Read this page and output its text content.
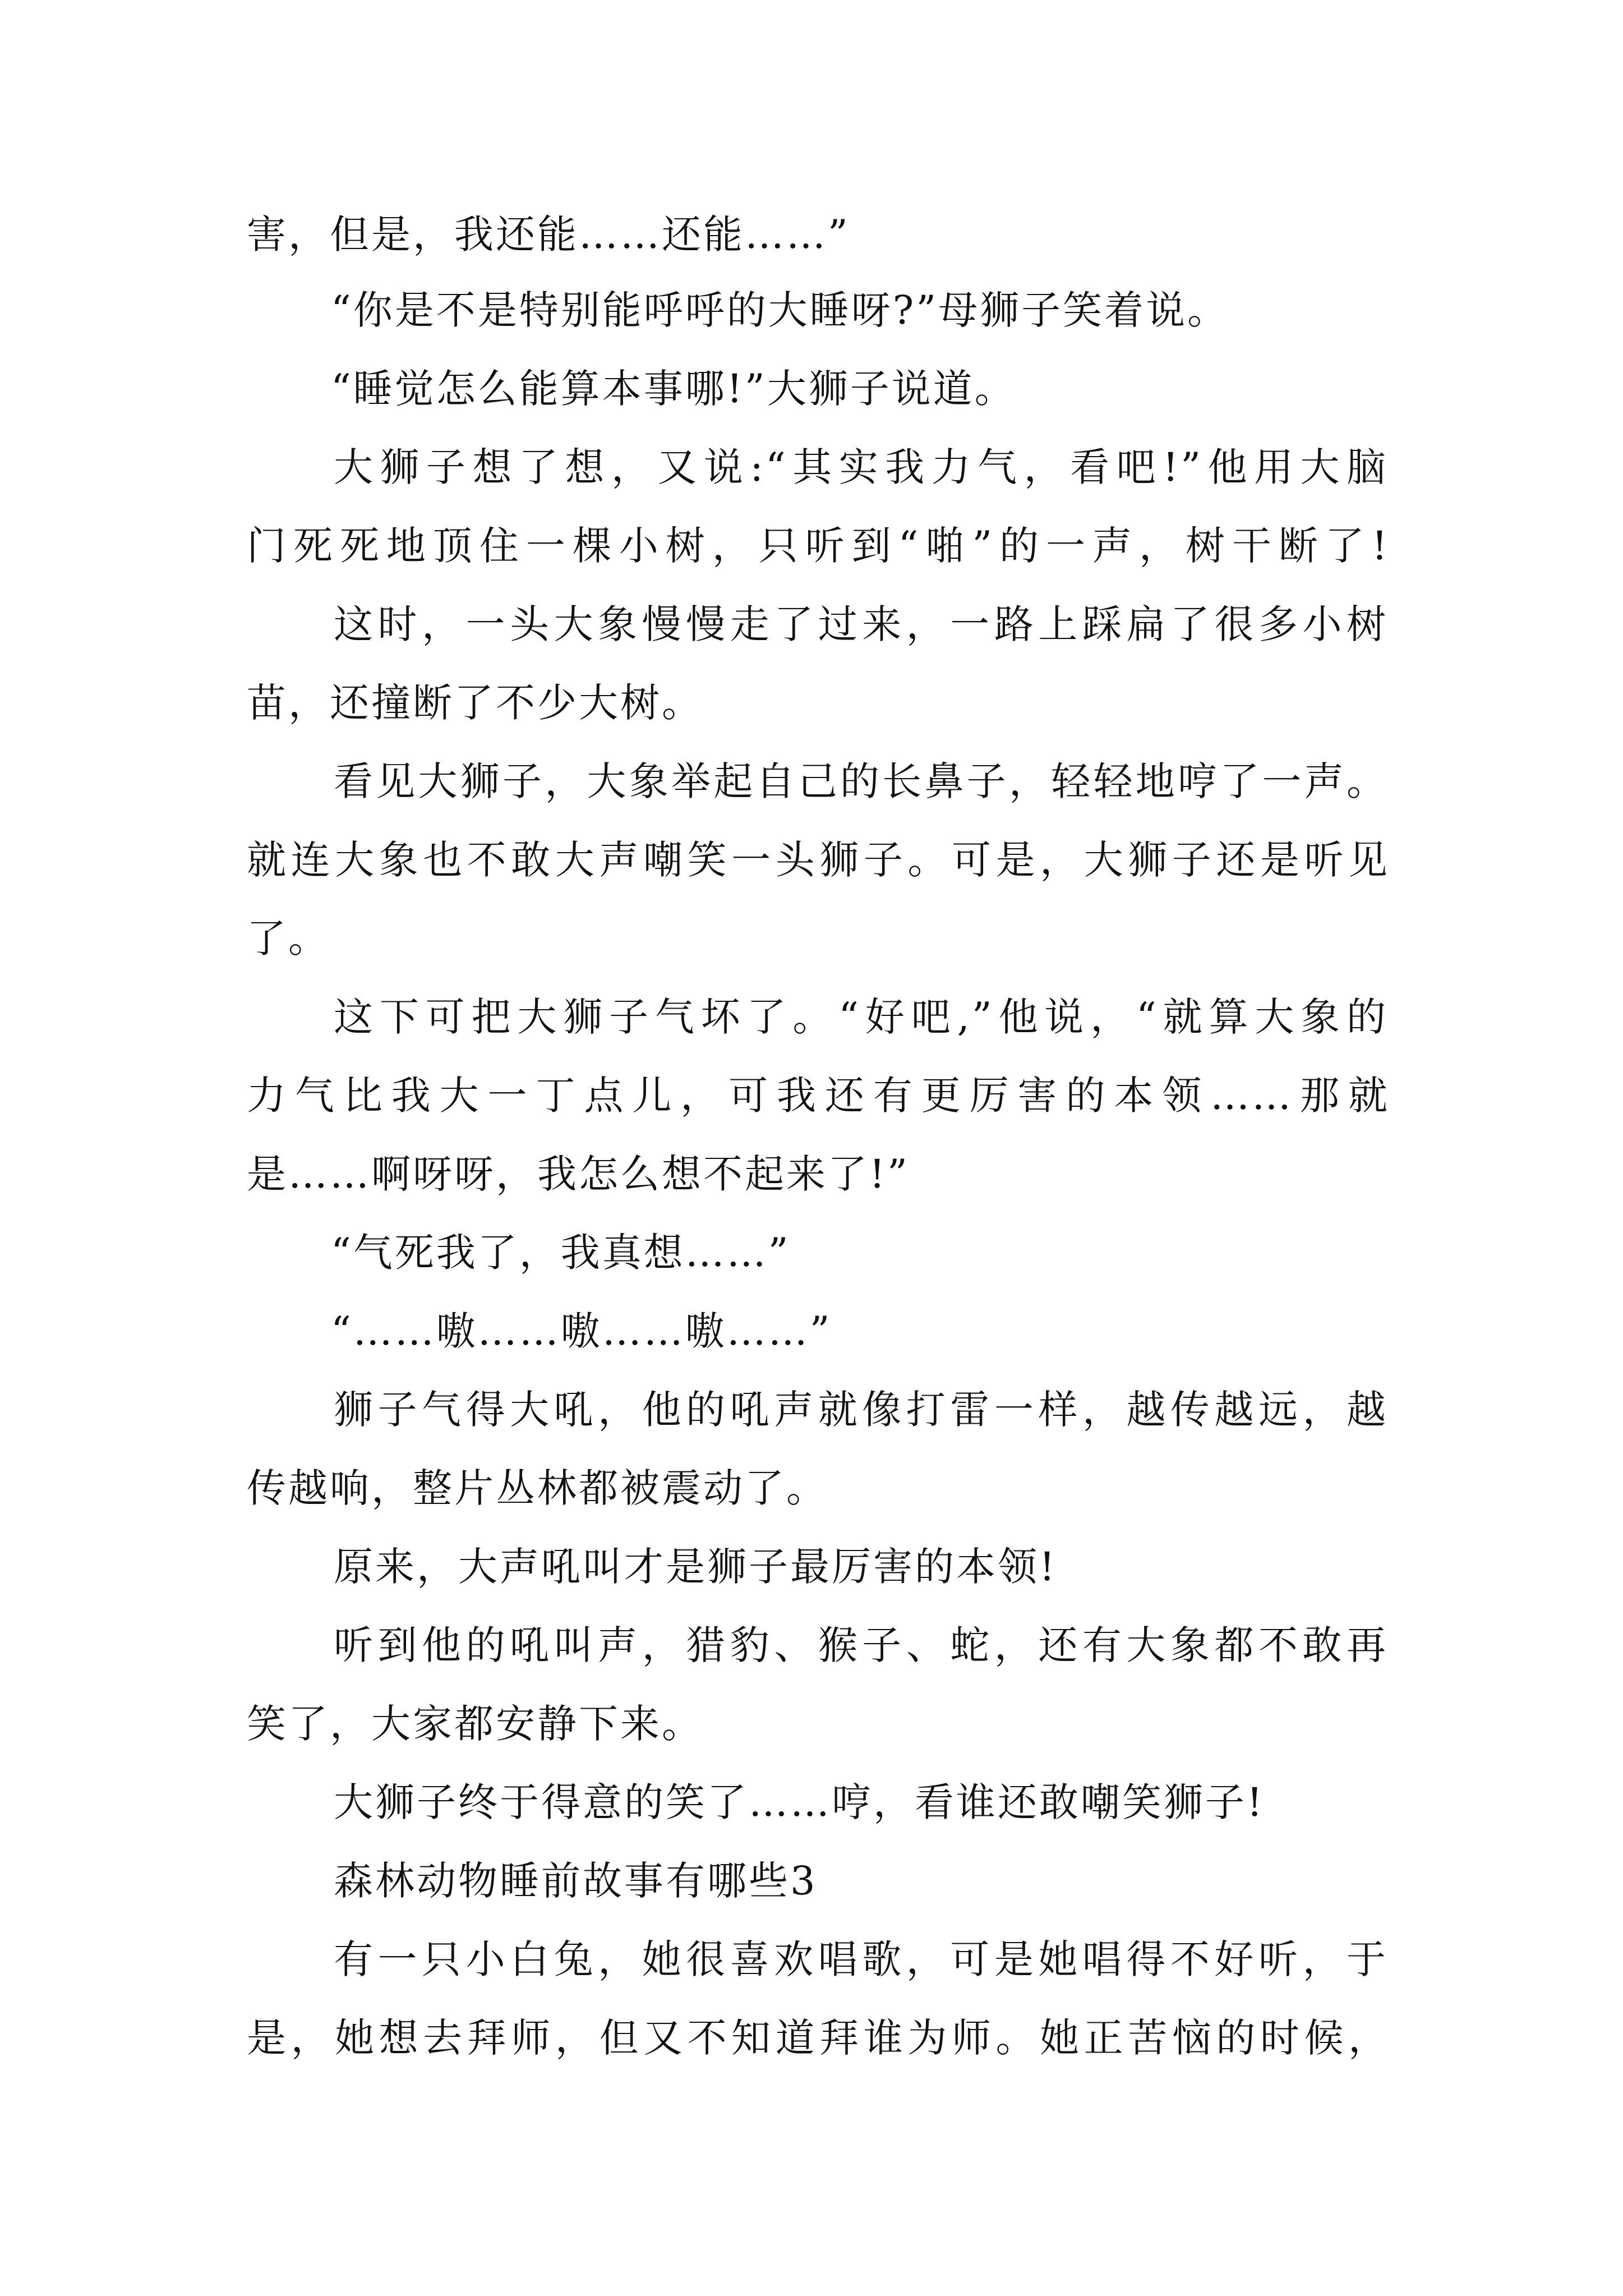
害，但是，我还能……还能……”

“你是不是特别能呼呼的大睡呀?”母狮子笑着说。

“睡觉怎么能算本事哪!”大狮子说道。

大狮子想了想，又说:“其实我力气，看吧!”他用大脑

门死死地顶住一棵小树，只听到“啪”的一声，树干断了!

这时，一头大象慢慢走了过来，一路上踩扁了很多小树

苗，还撞断了不少大树。

看见大狮子，大象举起自己的长鼻子，轻轻地哼了一声。

就连大象也不敢大声嘲笑一头狮子。可是，大狮子还是听见

了。

这下可把大狮子气坏了。“好吧,”他说，“就算大象的

力气比我大一丁点儿，可我还有更厉害的本领……那就

是……啊呀呀，我怎么想不起来了!”

“气死我了，我真想……”

“……嗷……嗷……嗷……”

狮子气得大吼，他的吼声就像打雷一样，越传越远，越

传越响，整片丛林都被震动了。

原来，大声吼叫才是狮子最厉害的本领!

听到他的吼叫声，猎豹、猴子、蛇，还有大象都不敢再

笑了，大家都安静下来。

大狮子终于得意的笑了……哼，看谁还敢嘲笑狮子!

森林动物睡前故事有哪些3

有一只小白兔，她很喜欢唱歌，可是她唱得不好听，于

是，她想去拜师，但又不知道拜谁为师。她正苦恼的时候，
